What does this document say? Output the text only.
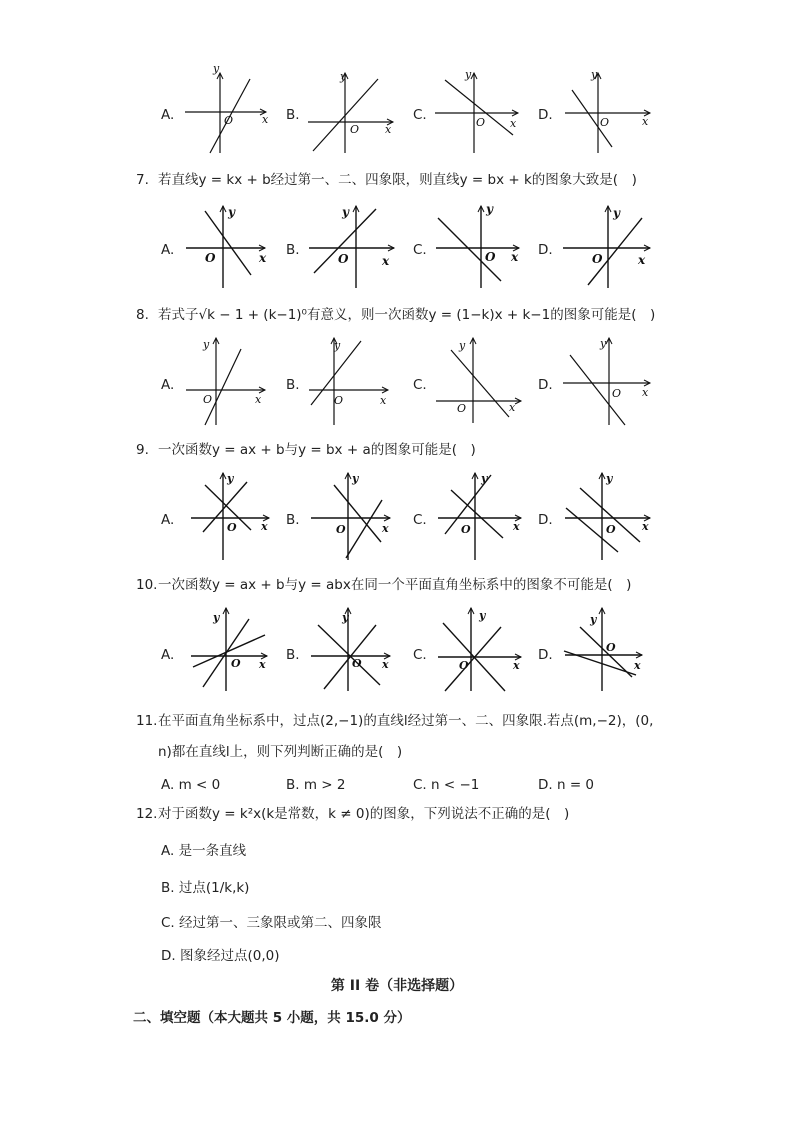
A.	B.	C.	D.
y
x
O
y
x
O
y
x
O
y
x
O
7. 若直线y = kx + b经过第一、二、四象限，则直线y = bx + k的图象大致是(　)
A.	B.	C.	D.
y
x
O
y
x
O
y
x
O
y
x
O
8. 若式子√k − 1 + (k−1)⁰有意义，则一次函数y = (1−k)x + k−1的图象可能是(　)
A.	B.	C.	D.
y
x
O
y
x
O
y
x
O
y
x
O
9. 一次函数y = ax + b与y = bx + a的图象可能是(　)
A.	B.	C.	D.
y
x
O
y
x
O
y
x
O
y
x
O
10.一次函数y = ax + b与y = abx在同一个平面直角坐标系中的图象不可能是(　)
A.	B.	C.	D.
y
x
O
y
x
O
y
x
O
y
x
O
11.在平面直角坐标系中，过点(2,−1)的直线l经过第一、二、四象限.若点(m,−2)，(0,
n)都在直线l上，则下列判断正确的是(　)
A. m < 0	B. m > 2	C. n < −1	D. n = 0
12.对于函数y = k²x(k是常数，k ≠ 0)的图象，下列说法不正确的是(　)
A. 是一条直线
B. 过点(1/k,k)
C. 经过第一、三象限或第二、四象限
D. 图象经过点(0,0)
第 II 卷（非选择题）
二、填空题（本大题共 5 小题，共 15.0 分）
